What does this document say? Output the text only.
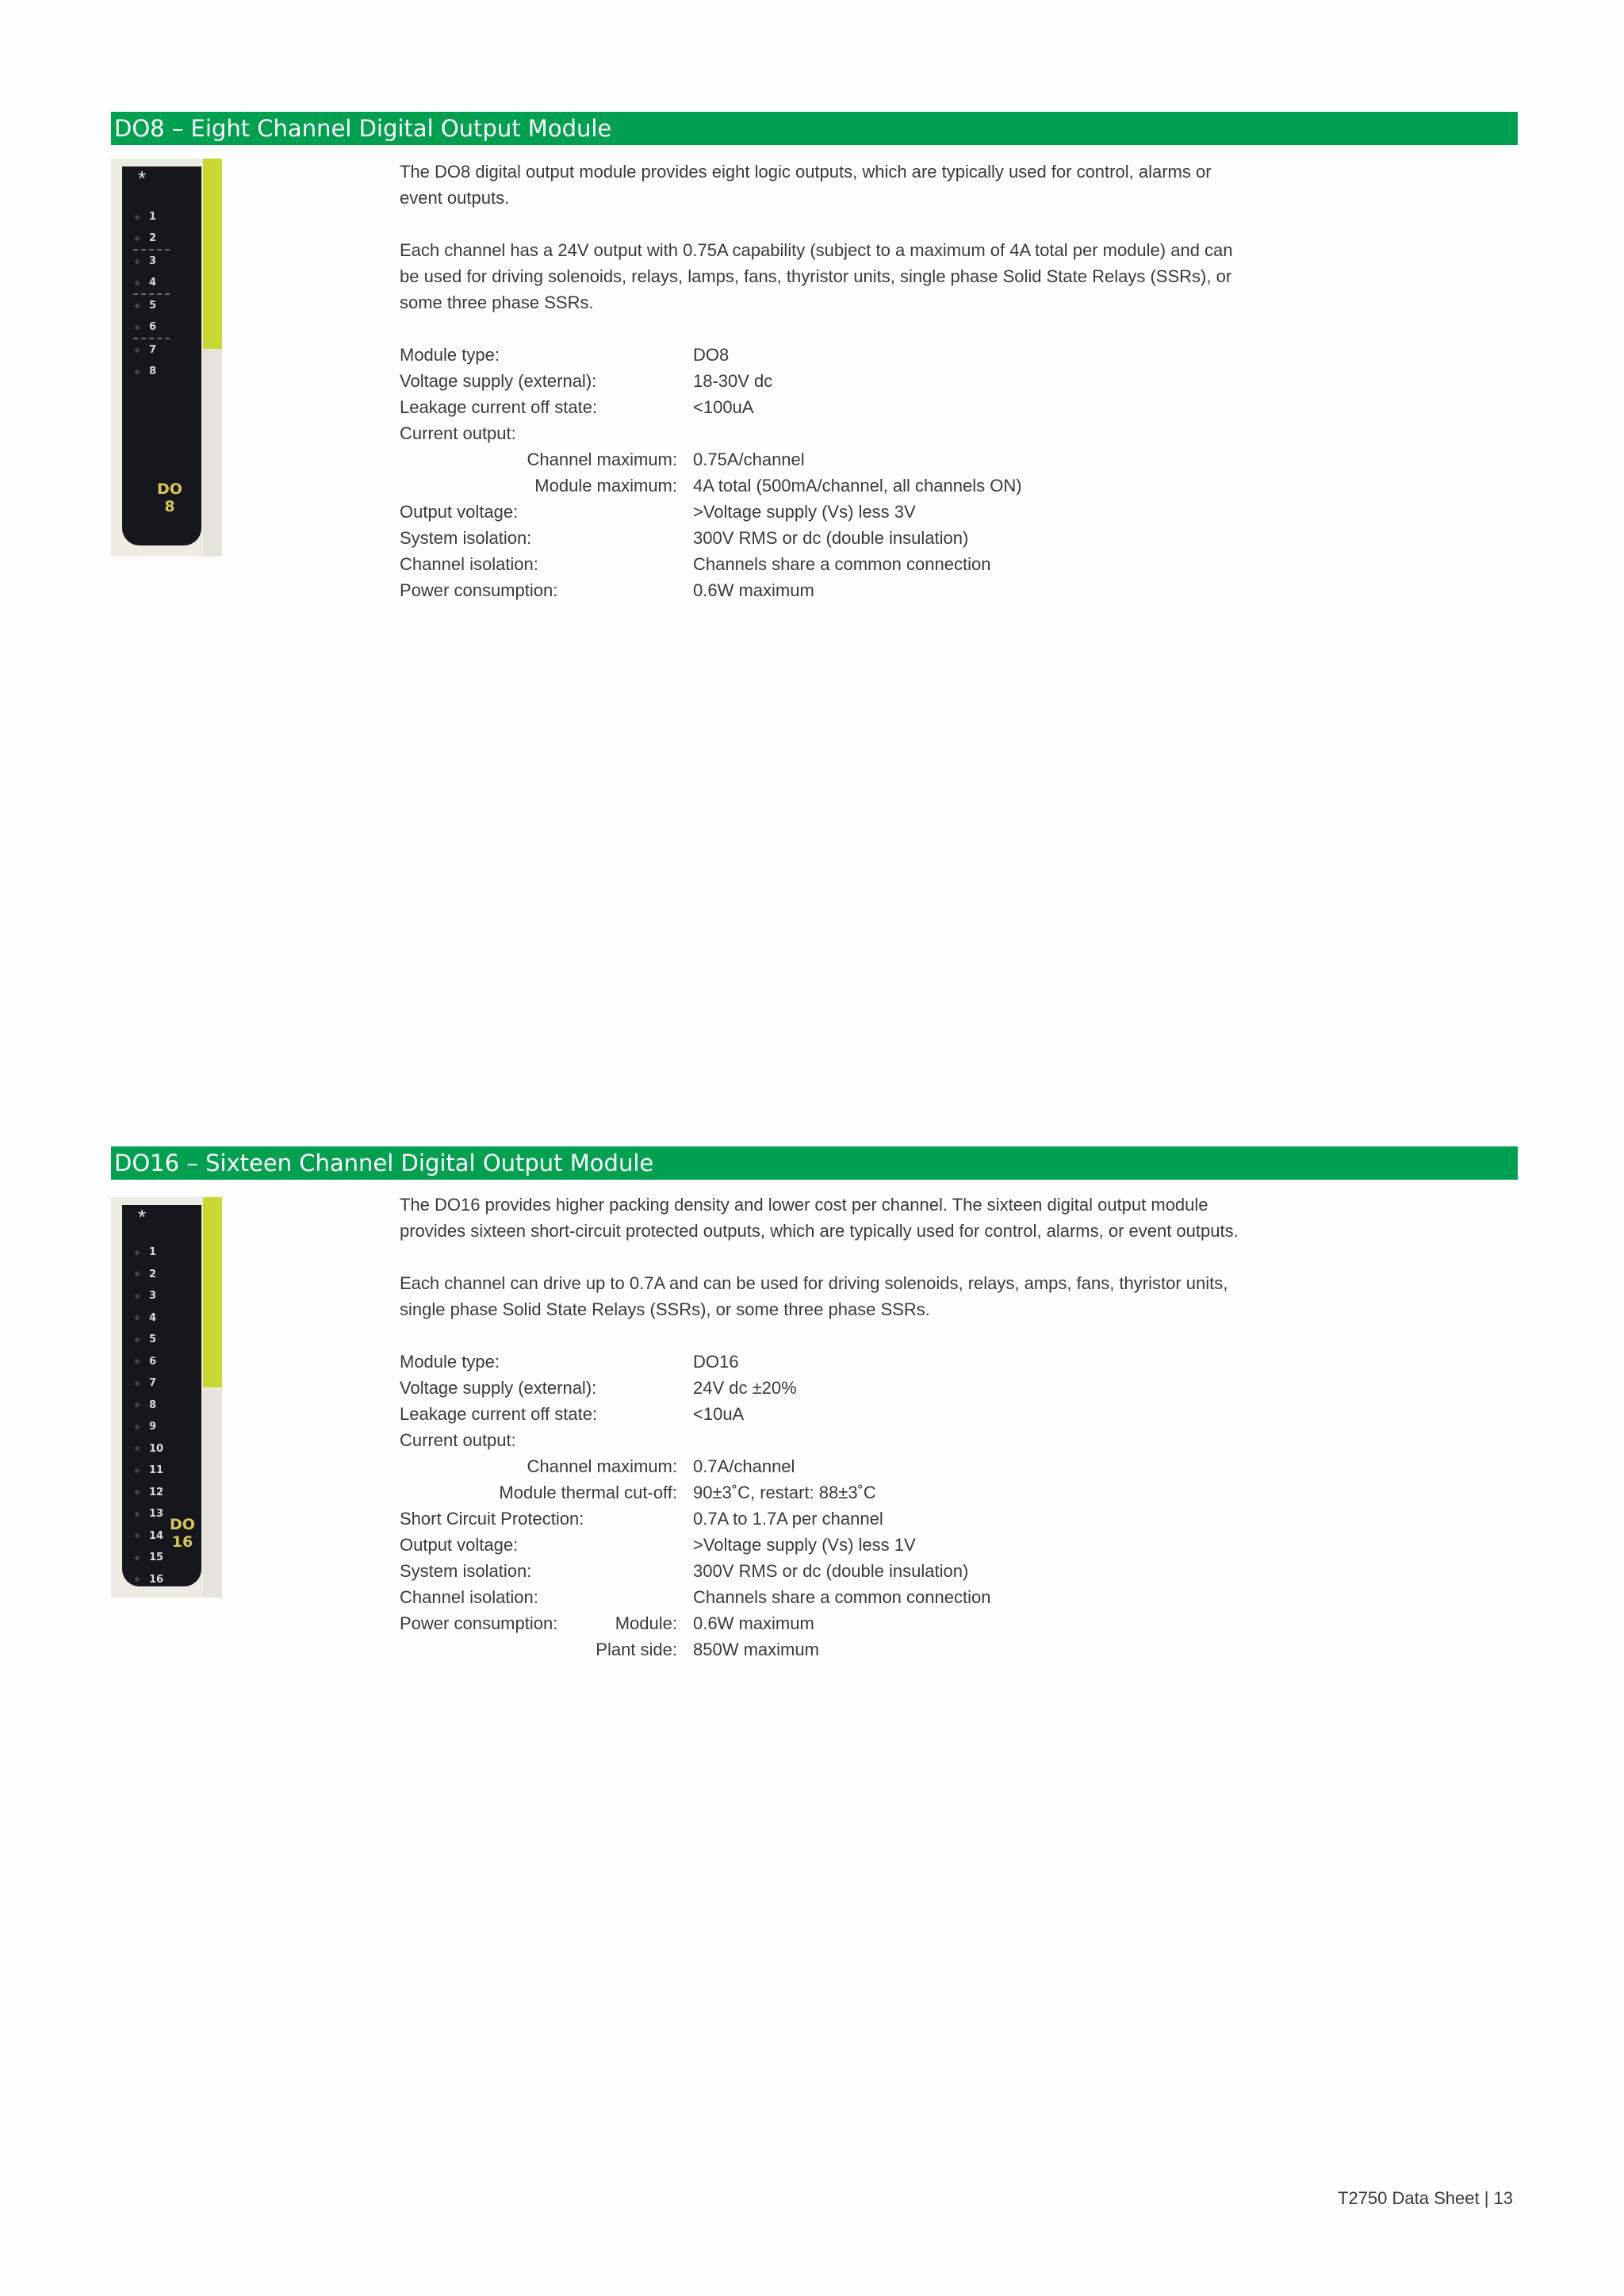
DO8 – Eight Channel Digital Output Module
*
1
2
3
4
5
6
7
8
DO
8

The DO8 digital output module provides eight logic outputs, which are typically used for control, alarms or event outputs.

Each channel has a 24V output with 0.75A capability (subject to a maximum of 4A total per module) and can be used for driving solenoids, relays, lamps, fans, thyristor units, single phase Solid State Relays (SSRs), or some three phase SSRs.

Module type:	DO8
Voltage supply (external):	18-30V dc
Leakage current off state:	<100uA
Current output:
Channel maximum: 0.75A/channel
Module maximum: 4A total (500mA/channel, all channels ON)
Output voltage:	>Voltage supply (Vs) less 3V
System isolation:	300V RMS or dc (double insulation)
Channel isolation:	Channels share a common connection
Power consumption:	0.6W maximum
DO16 – Sixteen Channel Digital Output Module
*
1
2
3
4
5
6
7
8
9
10
11
12
13
14
15
16
DO
16

The DO16 provides higher packing density and lower cost per channel. The sixteen digital output module provides sixteen short-circuit protected outputs, which are typically used for control, alarms, or event outputs.

Each channel can drive up to 0.7A and can be used for driving solenoids, relays, amps, fans, thyristor units, single phase Solid State Relays (SSRs), or some three phase SSRs.

Module type:	DO16
Voltage supply (external):	24V dc ±20%
Leakage current off state:	<10uA
Current output:
Channel maximum: 0.7A/channel
Module thermal cut-off: 90±3˚C, restart: 88±3˚C
Short Circuit Protection:	0.7A to 1.7A per channel
Output voltage:	>Voltage supply (Vs) less 1V
System isolation:	300V RMS or dc (double insulation)
Channel isolation:	Channels share a common connection
Power consumption:	Module: 0.6W maximum
Plant side: 850W maximum
T2750 Data Sheet | 13
